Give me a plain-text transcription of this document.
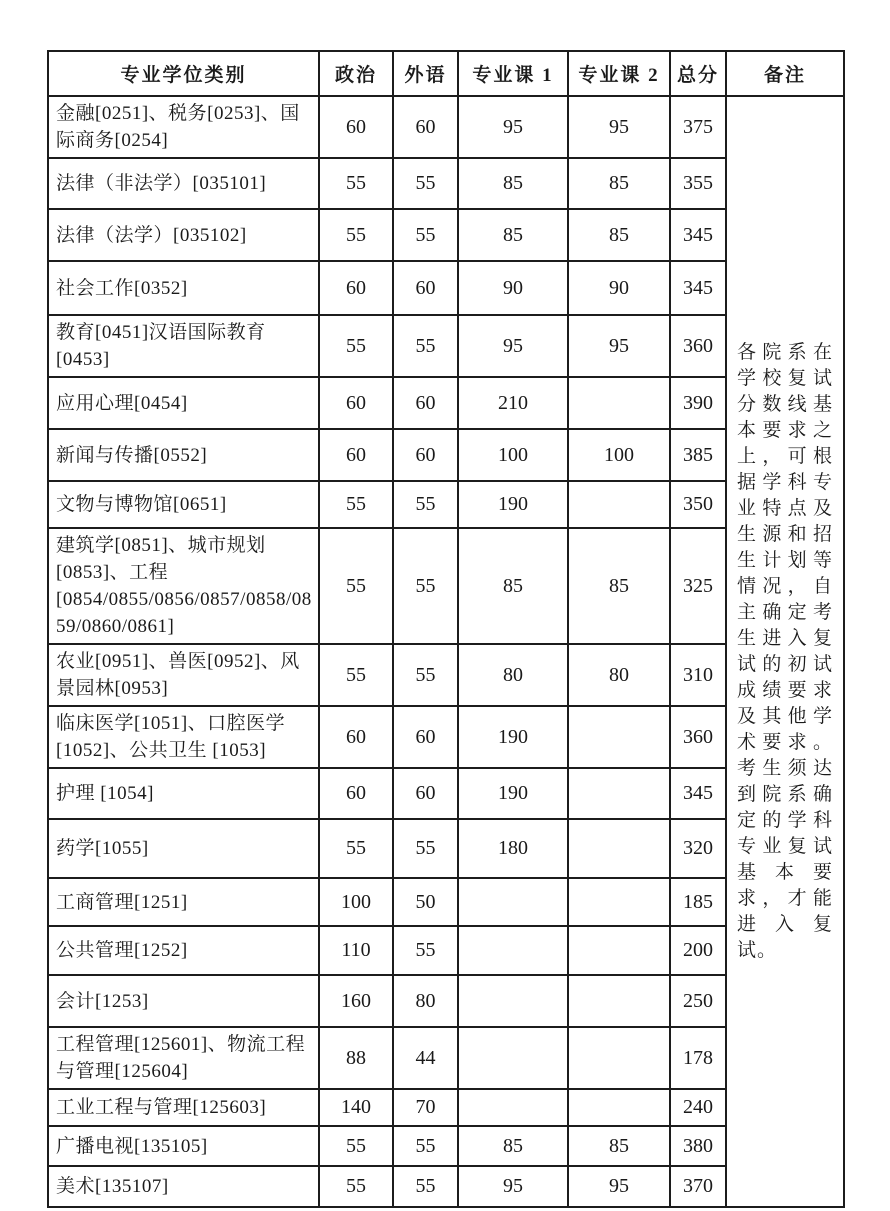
专业学位类别	政治	外语	专业课 1	专业课 2	总分	备注
金融[0251]、税务[0253]、国际商务[0254]	60	60	95	95	375	各院系在学校复试分数线基本要求之上，可根据学科专业特点及生源和招生计划等情况，自主确定考生进入复试的初试成绩要求及其他学术要求。考生须达到院系确定的学科专业复试基本要求，才能进入复试。

法律（非法学）[035101]	55	55	85	85	355	
法律（法学）[035102]	55	55	85	85	345	
社会工作[0352]	60	60	90	90	345	
教育[0451]汉语国际教育[0453]	55	55	95	95	360	
应用心理[0454]	60	60	210		390	
新闻与传播[0552]	60	60	100	100	385	
文物与博物馆[0651]	55	55	190		350	
建筑学[0851]、城市规划[0853]、工程[0854/0855/0856/0857/0858/0859/0860/0861]	55	55	85	85	325	
农业[0951]、兽医[0952]、风景园林[0953]	55	55	80	80	310	
临床医学[1051]、口腔医学[1052]、公共卫生 [1053]	60	60	190		360	
护理 [1054]	60	60	190		345	
药学[1055]	55	55	180		320	
工商管理[1251]	100	50			185	
公共管理[1252]	110	55			200	
会计[1253]	160	80			250	
工程管理[125601]、物流工程与管理[125604]	88	44			178	
工业工程与管理[125603]	140	70			240	
广播电视[135105]	55	55	85	85	380	
美术[135107]	55	55	95	95	370	
